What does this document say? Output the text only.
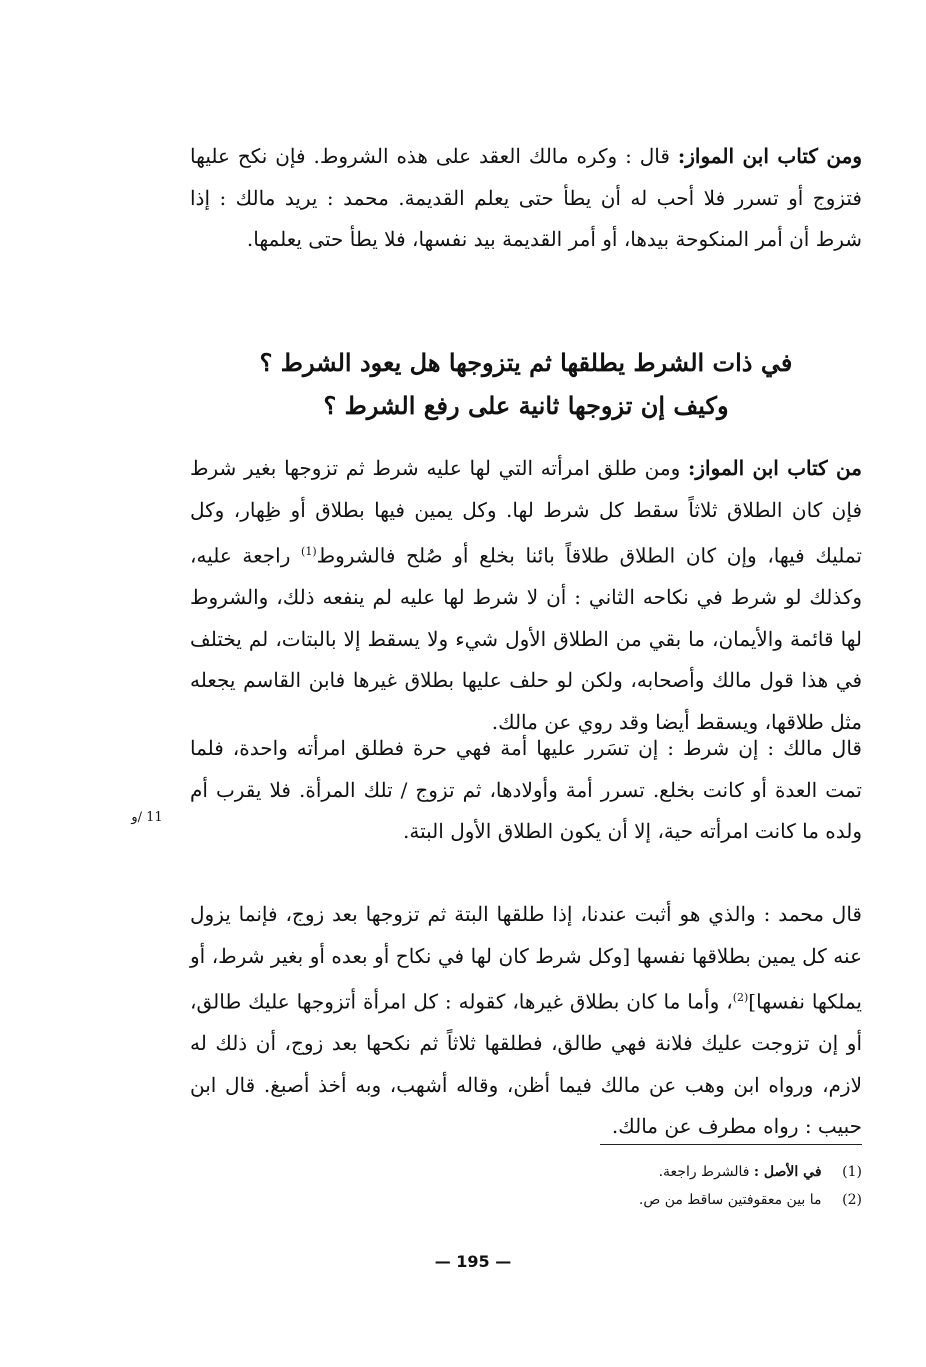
ومن كتاب ابن المواز: قال : وكره مالك العقد على هذه الشروط. فإن نكح عليها فتزوج أو تسرر فلا أحب له أن يطأ حتى يعلم القديمة. محمد : يريد مالك : إذا شرط أن أمر المنكوحة بيدها، أو أمر القديمة بيد نفسها، فلا يطأ حتى يعلمها.

في ذات الشرط يطلقها ثم يتزوجها هل يعود الشرط ؟

وكيف إن تزوجها ثانية على رفع الشرط ؟

من كتاب ابن المواز: ومن طلق امرأته التي لها عليه شرط ثم تزوجها بغير شرط فإن كان الطلاق ثلاثاً سقط كل شرط لها. وكل يمين فيها بطلاق أو ظِهار، وكل تمليك فيها، وإن كان الطلاق طلاقاً بائنا بخلع أو صُلح فالشروط$^{(1)}$ راجعة عليه، وكذلك لو شرط في نكاحه الثاني : أن لا شرط لها عليه لم ينفعه ذلك، والشروط لها قائمة والأيمان، ما بقي من الطلاق الأول شيء ولا يسقط إلا بالبتات، لم يختلف في هذا قول مالك وأصحابه، ولكن لو حلف عليها بطلاق غيرها فابن القاسم يجعله مثل طلاقها، ويسقط أيضا وقد روي عن مالك.

قال مالك : إن شرط : إن تسَرر عليها أمة فهي حرة فطلق امرأته واحدة، فلما تمت العدة أو كانت بخلع. تسرر أمة وأولادها، ثم تزوج / تلك المرأة. فلا يقرب أم ولده ما كانت امرأته حية، إلا أن يكون الطلاق الأول البتة.

11 /و

قال محمد : والذي هو أثبت عندنا، إذا طلقها البتة ثم تزوجها بعد زوج، فإنما يزول عنه كل يمين بطلاقها نفسها [وكل شرط كان لها في نكاح أو بعده أو بغير شرط، أو يملكها نفسها]$^{(2)}$، وأما ما كان بطلاق غيرها، كقوله : كل امرأة أتزوجها عليك طالق، أو إن تزوجت عليك فلانة فهي طالق، فطلقها ثلاثاً ثم نكحها بعد زوج، أن ذلك له لازم، ورواه ابن وهب عن مالك فيما أظن، وقاله أشهب، وبه أخذ أصبغ. قال ابن حبيب : رواه مطرف عن مالك.

(1) في الأصل : فالشرط راجعة.
(2) ما بين معقوفتين ساقط من ص.
— 195 —
